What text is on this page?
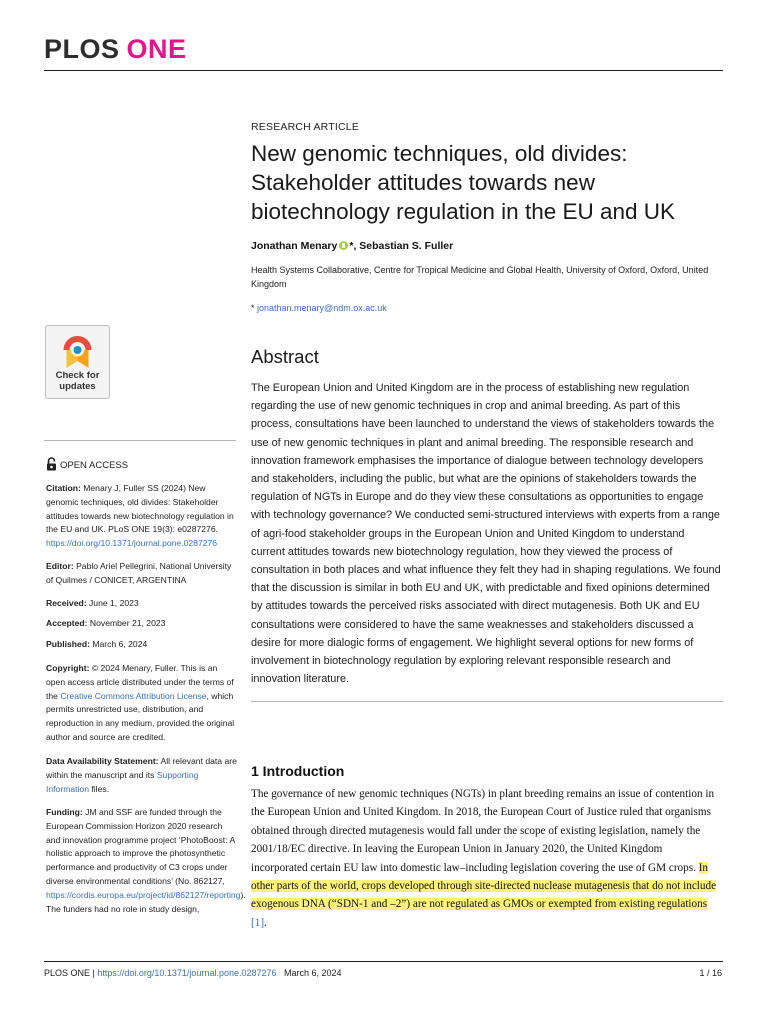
PLOS ONE
RESEARCH ARTICLE
New genomic techniques, old divides: Stakeholder attitudes towards new biotechnology regulation in the EU and UK
Jonathan Menary *, Sebastian S. Fuller
Health Systems Collaborative, Centre for Tropical Medicine and Global Health, University of Oxford, Oxford, United Kingdom
* jonathan.menary@ndm.ox.ac.uk
Check for
updates
OPEN ACCESS
Citation: Menary J, Fuller SS (2024) New genomic techniques, old divides: Stakeholder attitudes towards new biotechnology regulation in the EU and UK. PLoS ONE 19(3): e0287276. https://doi.org/10.1371/journal.pone.0287276
Editor: Pablo Ariel Pellegrini, National University of Quilmes / CONICET, ARGENTINA
Received: June 1, 2023
Accepted: November 21, 2023
Published: March 6, 2024
Copyright: © 2024 Menary, Fuller. This is an open access article distributed under the terms of the Creative Commons Attribution License, which permits unrestricted use, distribution, and reproduction in any medium, provided the original author and source are credited.
Data Availability Statement: All relevant data are within the manuscript and its Supporting Information files.
Funding: JM and SSF are funded through the European Commission Horizon 2020 research and innovation programme project ‘PhotoBoost: A holistic approach to improve the photosynthetic performance and productivity of C3 crops under diverse environmental conditions’ (No. 862127, https://cordis.europa.eu/project/id/862127/reporting). The funders had no role in study design,
Abstract

The European Union and United Kingdom are in the process of establishing new regulation regarding the use of new genomic techniques in crop and animal breeding. As part of this process, consultations have been launched to understand the views of stakeholders towards the use of new genomic techniques in plant and animal breeding. The responsible research and innovation framework emphasises the importance of dialogue between technology developers and stakeholders, including the public, but what are the opinions of stakeholders towards the regulation of NGTs in Europe and do they view these consultations as opportunities to engage with technology governance? We conducted semi-structured interviews with experts from a range of agri-food stakeholder groups in the European Union and United Kingdom to understand current attitudes towards new biotechnology regulation, how they viewed the process of consultation in both places and what influence they felt they had in shaping regulations. We found that the discussion is similar in both EU and UK, with predictable and fixed opinions determined by attitudes towards the perceived risks associated with direct mutagenesis. Both UK and EU consultations were considered to have the same weaknesses and stakeholders discussed a desire for more dialogic forms of engagement. We highlight several options for new forms of involvement in biotechnology regulation by exploring relevant responsible research and innovation literature.

1 Introduction

The governance of new genomic techniques (NGTs) in plant breeding remains an issue of contention in the European Union and United Kingdom. In 2018, the European Court of Justice ruled that organisms obtained through directed mutagenesis would fall under the scope of existing legislation, namely the 2001/18/EC directive. In leaving the European Union in January 2020, the United Kingdom incorporated certain EU law into domestic law–including legislation covering the use of GM crops. In other parts of the world, crops developed through site-directed nuclease mutagenesis that do not include exogenous DNA (“SDN-1 and –2”) are not regulated as GMOs or exempted from existing regulations [1].

PLOS ONE | https://doi.org/10.1371/journal.pone.0287276   March 6, 2024	1 / 16
